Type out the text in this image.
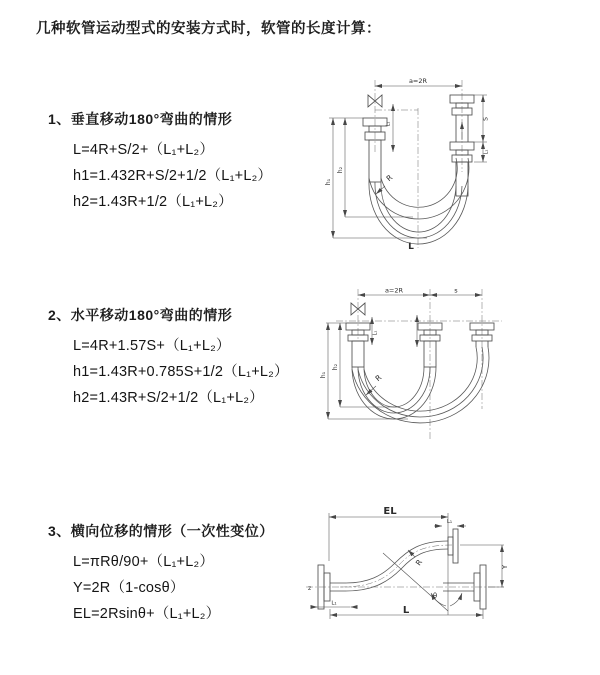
几种软管运动型式的安装方式时，软管的长度计算：
1、垂直移动180°弯曲的情形
L=4R+S/2+（L₁+L₂）
h1=1.432R+S/2+1/2（L₁+L₂）
h2=1.43R+1/2（L₁+L₂）
2、水平移动180°弯曲的情形
L=4R+1.57S+（L₁+L₂）
h1=1.43R+0.785S+1/2（L₁+L₂）
h2=1.43R+S/2+1/2（L₁+L₂）
3、横向位移的情形（一次性变位）
L=πRθ/90+（L₁+L₂）
Y=2R（1-cosθ）
EL=2Rsinθ+（L₁+L₂）
a=2R
S
L₁
L₁
h₂
h₁	R
L
a=2R	s
L₁
h₂
h₁	R
EL
L₁
Y
R
θ
L
L₁
z
